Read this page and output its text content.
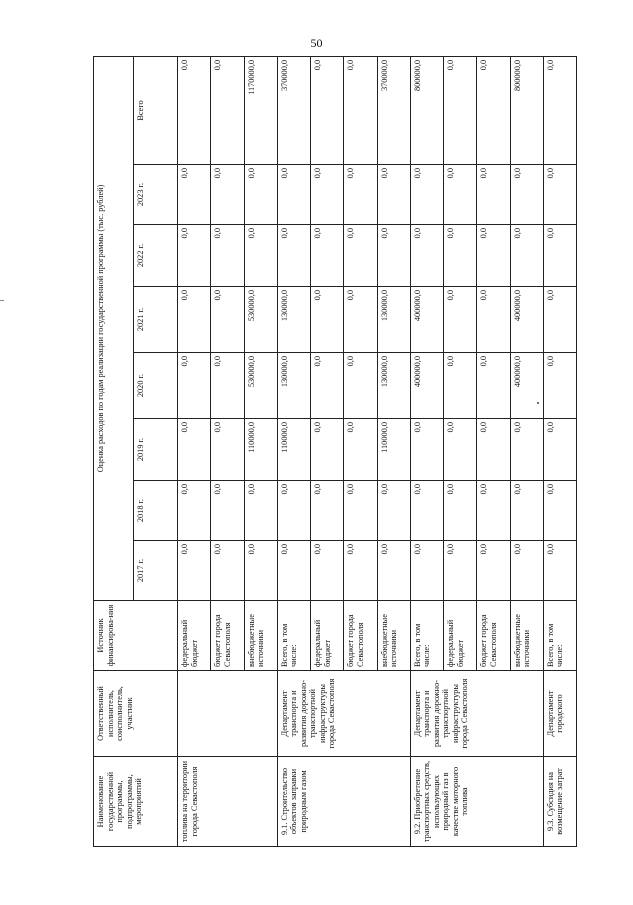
50
Наименование государственной программы, подпрограммы, мероприятий	Ответственный исполнитель, соисполнитель, участник	Источник финансирова-ния	Оценка расходов по годам реализации государственной программы (тыс. рублей)							
			2017 г.	2018 г.	2019 г.	2020 г.	2021 г.	2022 г.	2023 г.	Всего
топлива на территории города Севастополя		федеральный бюджет	0,0	0,0	0,0	0,0	0,0	0,0	0,0	0,0
		бюджет города Севастополя	0,0	0,0	0,0	0,0	0,0	0,0	0,0	0,0
		внебюджетные источники	0,0	0,0	110000,0	530000,0	530000,0	0,0	0,0	1170000,0
9.1. Строительство объектов заправки природным газом	Департамент транспорта и развития дорожно-транспортной инфраструктуры города Севастополя	Всего, в том числе:	0,0	0,0	110000,0	130000,0	130000,0	0,0	0,0	370000,0
		федеральный бюджет	0,0	0,0	0,0	0,0	0,0	0,0	0,0	0,0
		бюджет города Севастополя	0,0	0,0	0,0	0,0	0,0	0,0	0,0	0,0
		внебюджетные источники	0,0	0,0	110000,0	130000,0	130000,0	0,0	0,0	370000,0
9.2. Приобретение транспортных средств, использующих природный газ в качестве моторного топлива	Департамент транспорта и развития дорожно-транспортной инфраструктуры города Севастополя	Всего, в том числе:	0,0	0,0	0,0	400000,0	400000,0	0,0	0,0	800000,0
		федеральный бюджет	0,0	0,0	0,0	0,0	0,0	0,0	0,0	0,0
		бюджет города Севастополя	0,0	0,0	0,0	0,0	0,0	0,0	0,0	0,0
		внебюджетные источники	0,0	0,0	0,0	400000,0	400000,0	0,0	0,0	800000,0
9.3. Субсидия на возмещение затрат	Департамент городского	Всего, в том числе:	0,0	0,0	0,0	0,0	0,0	0,0	0,0	0,0
